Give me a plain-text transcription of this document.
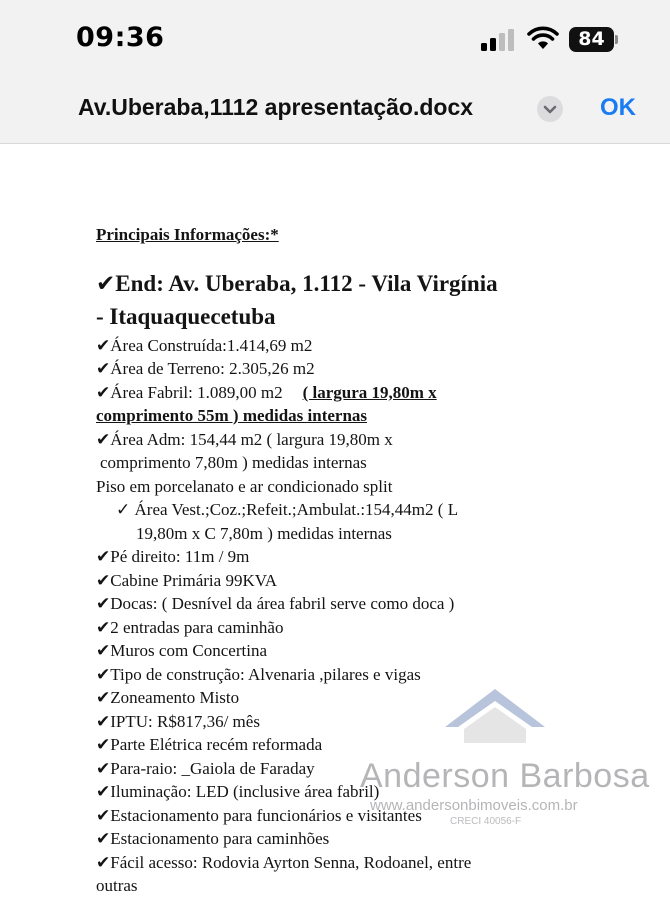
09:36	84
Av.Uberaba,1112 apresentação.docx	OK
Principais Informações:*
✔End: Av. Uberaba, 1.112 - Vila Virgínia
- Itaquaquecetuba
✔Área Construída:1.414,69 m2
✔Área de Terreno: 2.305,26 m2
✔Área Fabril: 1.089,00 m2 ( largura 19,80m x
comprimento 55m ) medidas internas
✔Área Adm: 154,44 m2 ( largura 19,80m x
comprimento 7,80m ) medidas internas
Piso em porcelanato e ar condicionado split
✓ Área Vest.;Coz.;Refeit.;Ambulat.:154,44m2 ( L
19,80m x C 7,80m ) medidas internas
✔Pé direito: 11m / 9m
✔Cabine Primária 99KVA
✔Docas: ( Desnível da área fabril serve como doca )
✔2 entradas para caminhão
✔Muros com Concertina
✔Tipo de construção: Alvenaria ,pilares e vigas
✔Zoneamento Misto
✔IPTU: R$817,36/ mês
✔Parte Elétrica recém reformada
✔Para-raio: _Gaiola de Faraday
✔Iluminação: LED (inclusive área fabril)
✔Estacionamento para funcionários e visitantes
✔Estacionamento para caminhões
✔Fácil acesso: Rodovia Ayrton Senna, Rodoanel, entre
outras
Anderson Barbosa
www.andersonbimoveis.com.br
CRECI 40056-F
